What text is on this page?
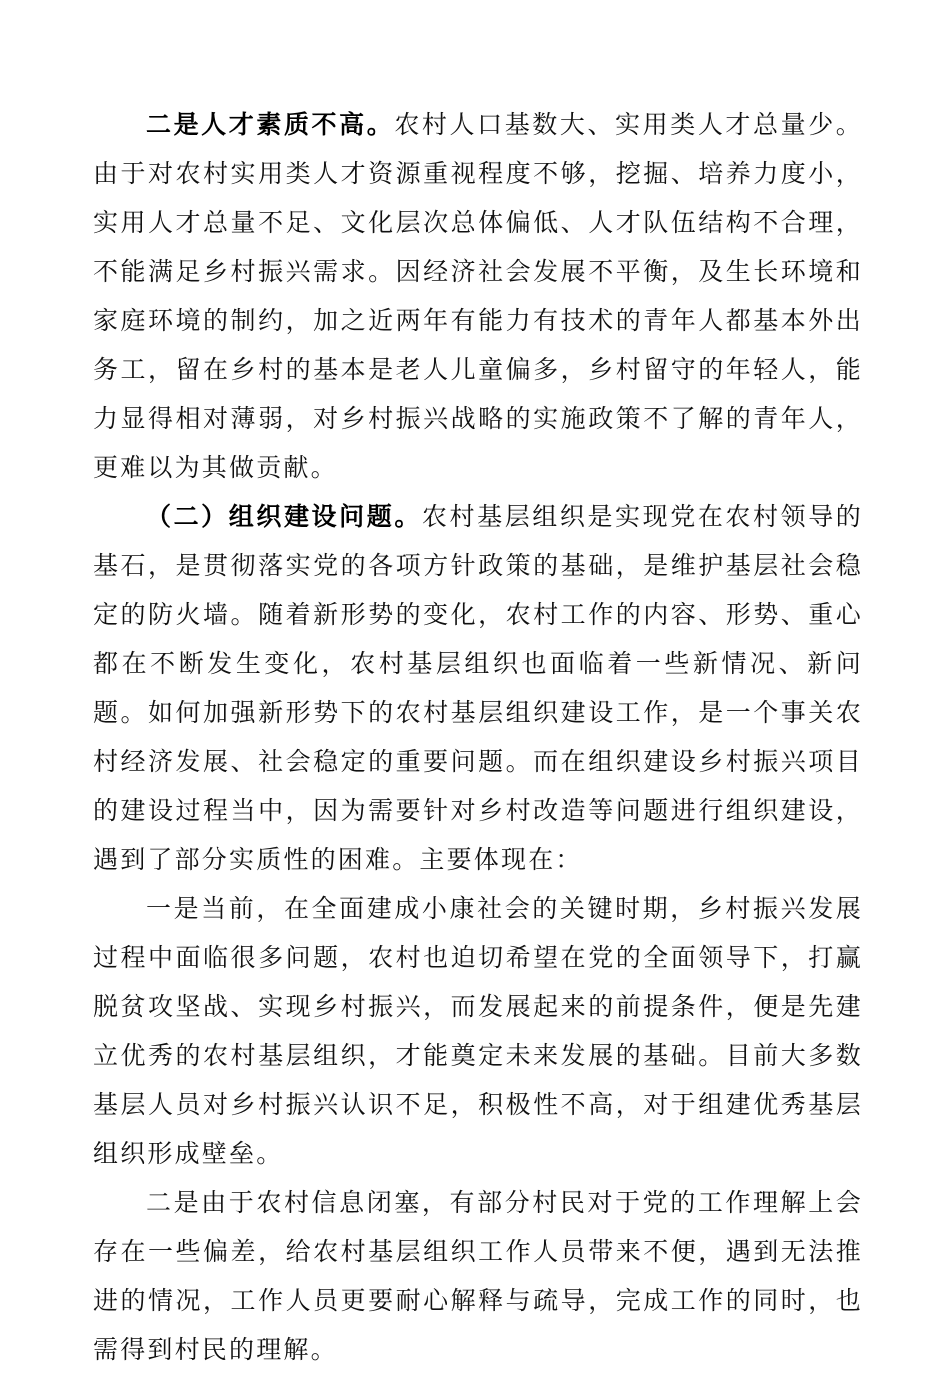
二是人才素质不高。农村人口基数大、实用类人才总量少。由于对农村实用类人才资源重视程度不够，挖掘、培养力度小，实用人才总量不足、文化层次总体偏低、人才队伍结构不合理，不能满足乡村振兴需求。因经济社会发展不平衡，及生长环境和家庭环境的制约，加之近两年有能力有技术的青年人都基本外出务工，留在乡村的基本是老人儿童偏多，乡村留守的年轻人，能力显得相对薄弱，对乡村振兴战略的实施政策不了解的青年人，更难以为其做贡献。

（二）组织建设问题。农村基层组织是实现党在农村领导的基石，是贯彻落实党的各项方针政策的基础，是维护基层社会稳定的防火墙。随着新形势的变化，农村工作的内容、形势、重心都在不断发生变化，农村基层组织也面临着一些新情况、新问题。如何加强新形势下的农村基层组织建设工作，是一个事关农村经济发展、社会稳定的重要问题。而在组织建设乡村振兴项目的建设过程当中，因为需要针对乡村改造等问题进行组织建设，遇到了部分实质性的困难。主要体现在：

一是当前，在全面建成小康社会的关键时期，乡村振兴发展过程中面临很多问题，农村也迫切希望在党的全面领导下，打赢脱贫攻坚战、实现乡村振兴，而发展起来的前提条件，便是先建立优秀的农村基层组织，才能奠定未来发展的基础。目前大多数基层人员对乡村振兴认识不足，积极性不高，对于组建优秀基层组织形成壁垒。

二是由于农村信息闭塞，有部分村民对于党的工作理解上会存在一些偏差，给农村基层组织工作人员带来不便，遇到无法推进的情况，工作人员更要耐心解释与疏导，完成工作的同时，也需得到村民的理解。
